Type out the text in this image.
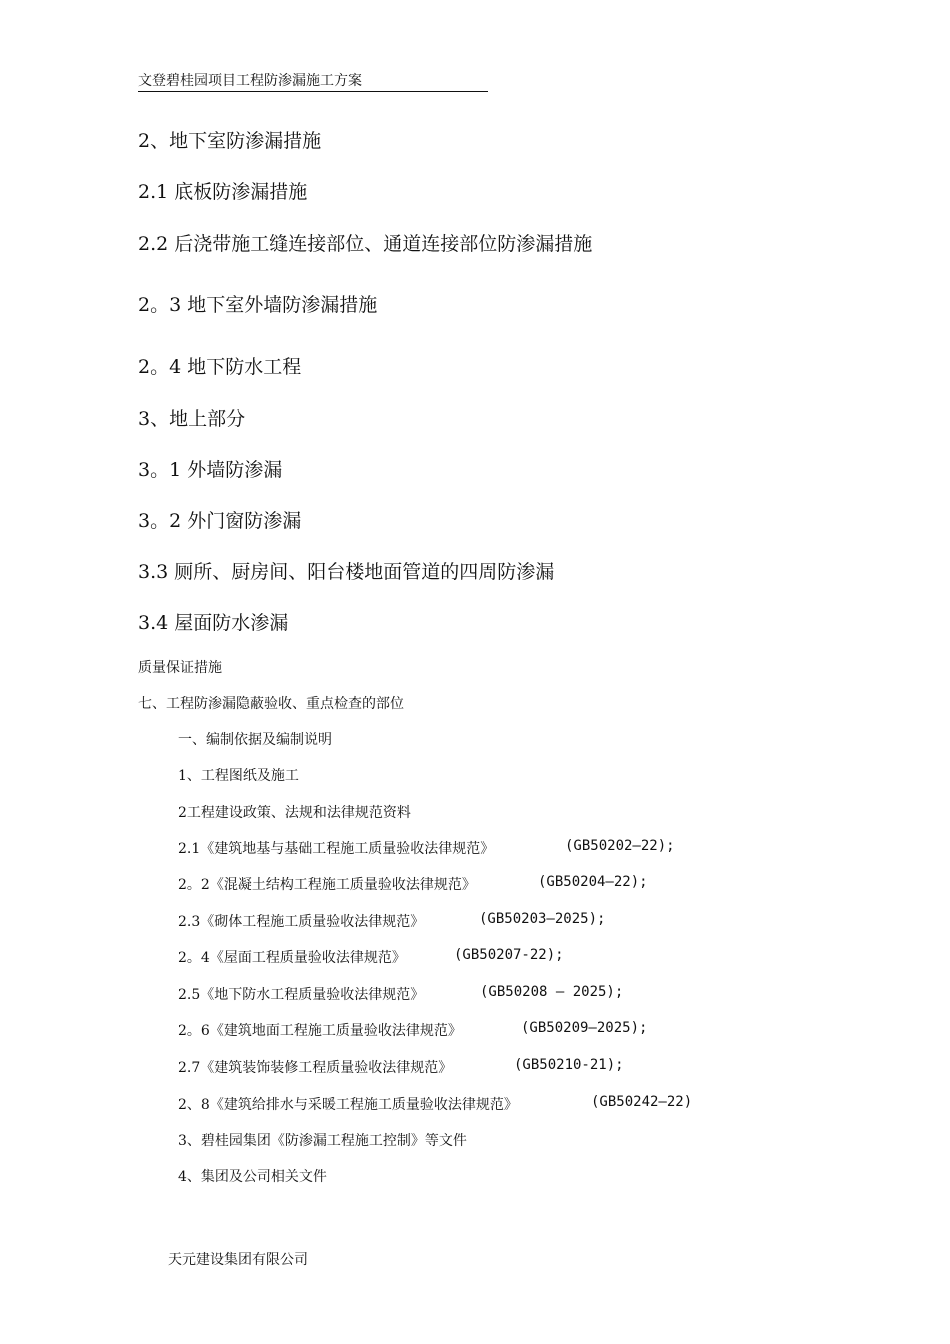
文登碧桂园项目工程防渗漏施工方案
2、地下室防渗漏措施
2.1 底板防渗漏措施
2.2 后浇带施工缝连接部位、通道连接部位防渗漏措施
2。3 地下室外墙防渗漏措施
2。4 地下防水工程
3、地上部分
3。1 外墙防渗漏
3。2 外门窗防渗漏
3.3 厕所、厨房间、阳台楼地面管道的四周防渗漏
3.4 屋面防水渗漏
质量保证措施
七、工程防渗漏隐蔽验收、重点检查的部位
一、编制依据及编制说明
1、工程图纸及施工
2工程建设政策、法规和法律规范资料
2.1《建筑地基与基础工程施工质量验收法律规范》	(GB50202—22);
2。2《混凝土结构工程施工质量验收法律规范》	(GB50204—22);
2.3《砌体工程施工质量验收法律规范》	(GB50203—2025);
2。4《屋面工程质量验收法律规范》	(GB50207-22);
2.5《地下防水工程质量验收法律规范》	(GB50208 — 2025);
2。6《建筑地面工程施工质量验收法律规范》	(GB50209—2025);
2.7《建筑装饰装修工程质量验收法律规范》	(GB50210-21);
2、8《建筑给排水与采暖工程施工质量验收法律规范》	(GB50242—22)
3、碧桂园集团《防渗漏工程施工控制》等文件
4、集团及公司相关文件
天元建设集团有限公司
